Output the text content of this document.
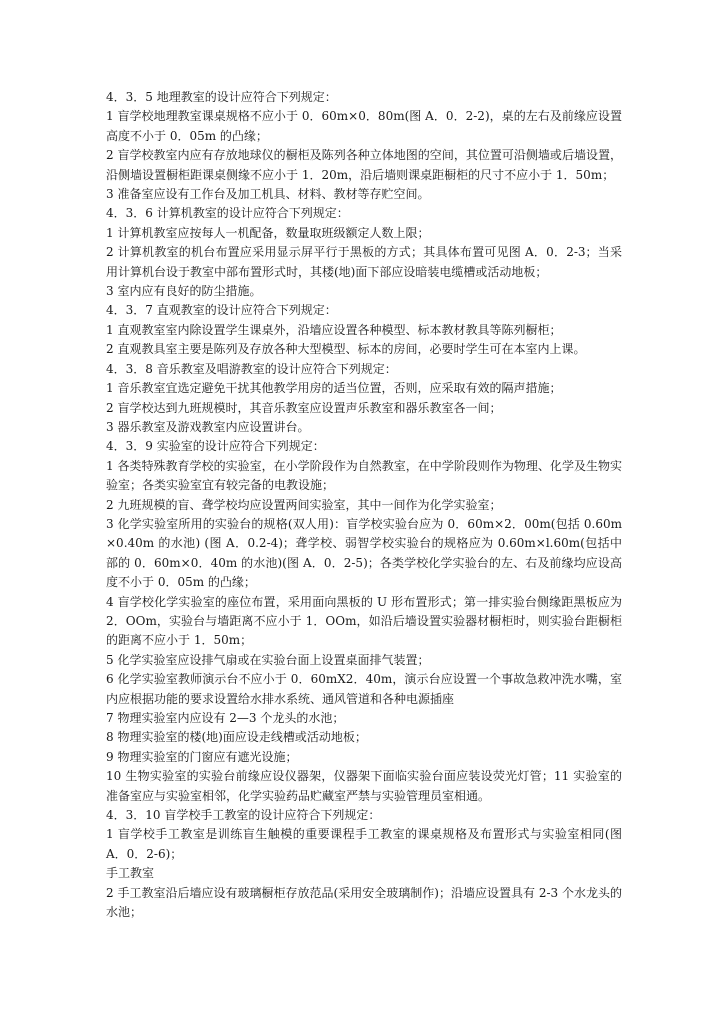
4．3．5 地理教室的设计应符合下列规定：

1 盲学校地理教室课桌规格不应小于 0．60m×0．80m(图 A．0．2-2)，桌的左右及前缘应设置高度不小于 0．05m 的凸缘；

2 盲学校教室内应有存放地球仪的橱柜及陈列各种立体地图的空间，其位置可沿侧墙或后墙设置，沿侧墙设置橱柜距课桌侧缘不应小于 1．20m，沿后墙则课桌距橱柜的尺寸不应小于 1．50m；

3 准备室应设有工作台及加工机具、材料、教材等存贮空间。

4．3．6 计算机教室的设计应符合下列规定：

1 计算机教室应按每人一机配备，数量取班级额定人数上限；

2 计算机教室的机台布置应采用显示屏平行于黑板的方式；其具体布置可见图 A．0．2-3；当采用计算机台设于教室中部布置形式时，其楼(地)面下部应设暗装电缆槽或活动地板；

3 室内应有良好的防尘措施。

4．3．7 直观教室的设计应符合下列规定：

1 直观教室室内除设置学生课桌外，沿墙应设置各种模型、标本教材教具等陈列橱柜；

2 直观教具室主要是陈列及存放各种大型模型、标本的房间，必要时学生可在本室内上课。

4．3．8 音乐教室及唱游教室的设计应符合下列规定：

1 音乐教室宜选定避免干扰其他教学用房的适当位置，否则，应采取有效的隔声措施；

2 盲学校达到九班规模时，其音乐教室应设置声乐教室和器乐教室各一间；

3 器乐教室及游戏教室内应设置讲台。

4．3．9 实验室的设计应符合下列规定：

1 各类特殊教育学校的实验室，在小学阶段作为自然教室，在中学阶段则作为物理、化学及生物实验室；各类实验室宜有较完备的电教设施；

2 九班规模的盲、聋学校均应设置两间实验室，其中一间作为化学实验室；

3 化学实验室所用的实验台的规格(双人用)：盲学校实验台应为 0．60m×2．00m(包括 0.60m×0.40m 的水池) (图 A．0.2-4)；聋学校、弱智学校实验台的规格应为 0.60m×l.60m(包括中部的 0．60m×0．40m 的水池)(图 A．0．2-5)；各类学校化学实验台的左、右及前缘均应设高度不小于 0．05m 的凸缘；

4 盲学校化学实验室的座位布置，采用面向黑板的 U 形布置形式；第一排实验台侧缘距黑板应为 2．OOm，实验台与墙距离不应小于 1．OOm，如沿后墙设置实验器材橱柜时，则实验台距橱柜的距离不应小于 1．50m；

5 化学实验室应设排气扇或在实验台面上设置桌面排气装置；

6 化学实验室教师演示台不应小于 0．60mX2．40m，演示台应设置一个事故急救冲洗水嘴，室内应根据功能的要求设置给水排水系统、通风管道和各种电源插座

7 物理实验室内应设有 2—3 个龙头的水池；

8 物理实验室的楼(地)面应设走线槽或活动地板；

9 物理实验室的门窗应有遮光设施；

10 生物实验室的实验台前缘应设仪器架，仪器架下面临实验台面应装设荧光灯管；11 实验室的准备室应与实验室相邻，化学实验药品贮藏室严禁与实验管理员室相通。

4．3．10 盲学校手工教室的设计应符合下列规定：

1 盲学校手工教室是训练盲生触模的重要课程手工教室的课桌规格及布置形式与实验室相同(图 A．0．2-6)；

手工教室

2 手工教室沿后墙应设有玻璃橱柜存放范品(采用安全玻璃制作)；沿墙应设置具有 2-3 个水龙头的水池；
